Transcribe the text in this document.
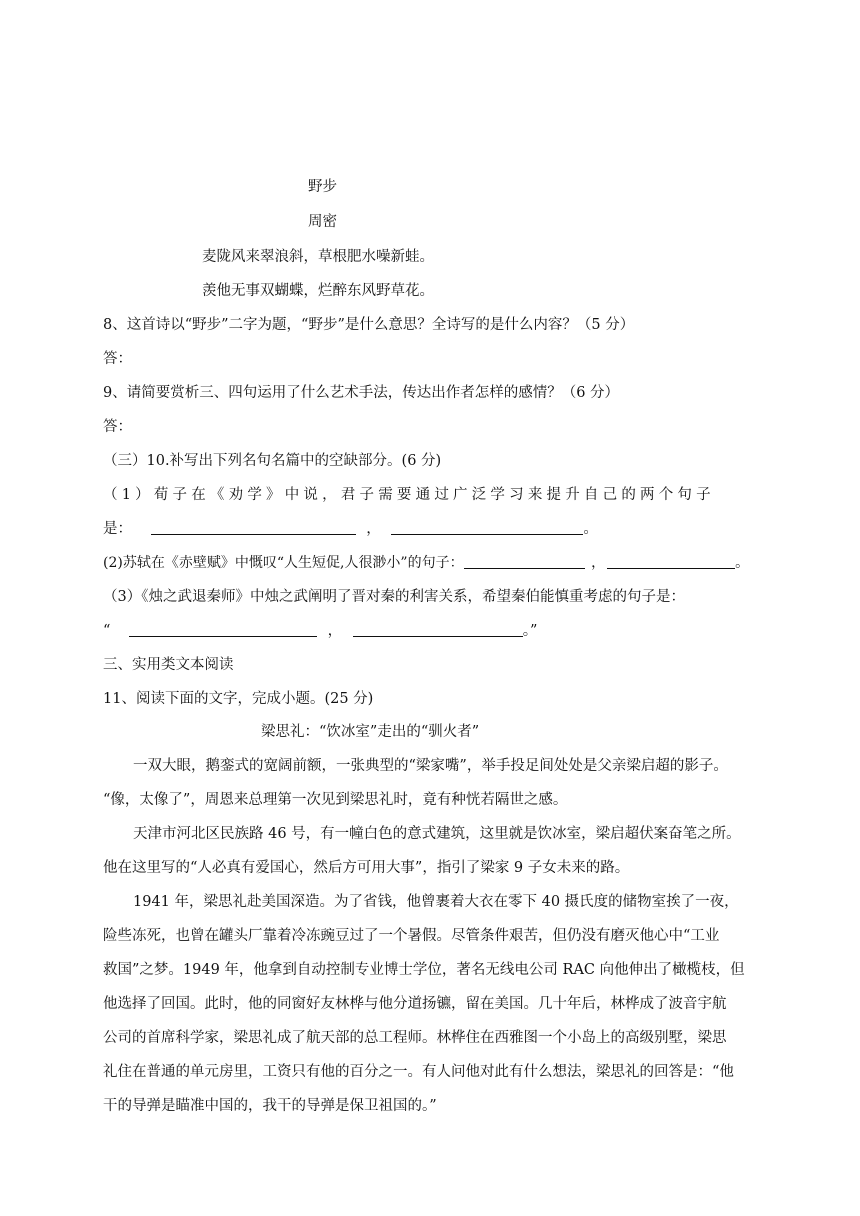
野步
周密
麦陇风来翠浪斜，草根肥水噪新蛙。
羡他无事双蝴蝶，烂醉东风野草花。
8、这首诗以“野步”二字为题，“野步”是什么意思？全诗写的是什么内容？（5 分）
答：
9、请简要赏析三、四句运用了什么艺术手法，传达出作者怎样的感情？（6 分）
答：
（三）10.补写出下列名句名篇中的空缺部分。(6 分)
（1）荀子在《劝学》中说，君子需要通过广泛学习来提升自己的两个句子
是：	，	。
(2)苏轼在《赤壁赋》中慨叹“人生短促,人很渺小”的句子：	，	。
（3）《烛之武退秦师》中烛之武阐明了晋对秦的利害关系，希望秦伯能慎重考虑的句子是：
“	，	。”
三、实用类文本阅读
11、阅读下面的文字，完成小题。(25 分)
梁思礼：“饮冰室”走出的“驯火者”
一双大眼，鹅銮式的宽阔前额，一张典型的“梁家嘴”，举手投足间处处是父亲梁启超的影子。
“像，太像了”，周恩来总理第一次见到梁思礼时，竟有种恍若隔世之感。
天津市河北区民族路 46 号，有一幢白色的意式建筑，这里就是饮冰室，梁启超伏案奋笔之所。
他在这里写的“人必真有爱国心，然后方可用大事”，指引了梁家 9 子女未来的路。
1941 年，梁思礼赴美国深造。为了省钱，他曾裹着大衣在零下 40 摄氏度的储物室挨了一夜，
险些冻死，也曾在罐头厂靠着冷冻豌豆过了一个暑假。尽管条件艰苦，但仍没有磨灭他心中“工业
救国”之梦。1949 年，他拿到自动控制专业博士学位，著名无线电公司 RAC 向他伸出了橄榄枝，但
他选择了回国。此时，他的同窗好友林桦与他分道扬镳，留在美国。几十年后，林桦成了波音宇航
公司的首席科学家，梁思礼成了航天部的总工程师。林桦住在西雅图一个小岛上的高级别墅，梁思
礼住在普通的单元房里，工资只有他的百分之一。有人问他对此有什么想法，梁思礼的回答是：“他
干的导弹是瞄准中国的，我干的导弹是保卫祖国的。”
